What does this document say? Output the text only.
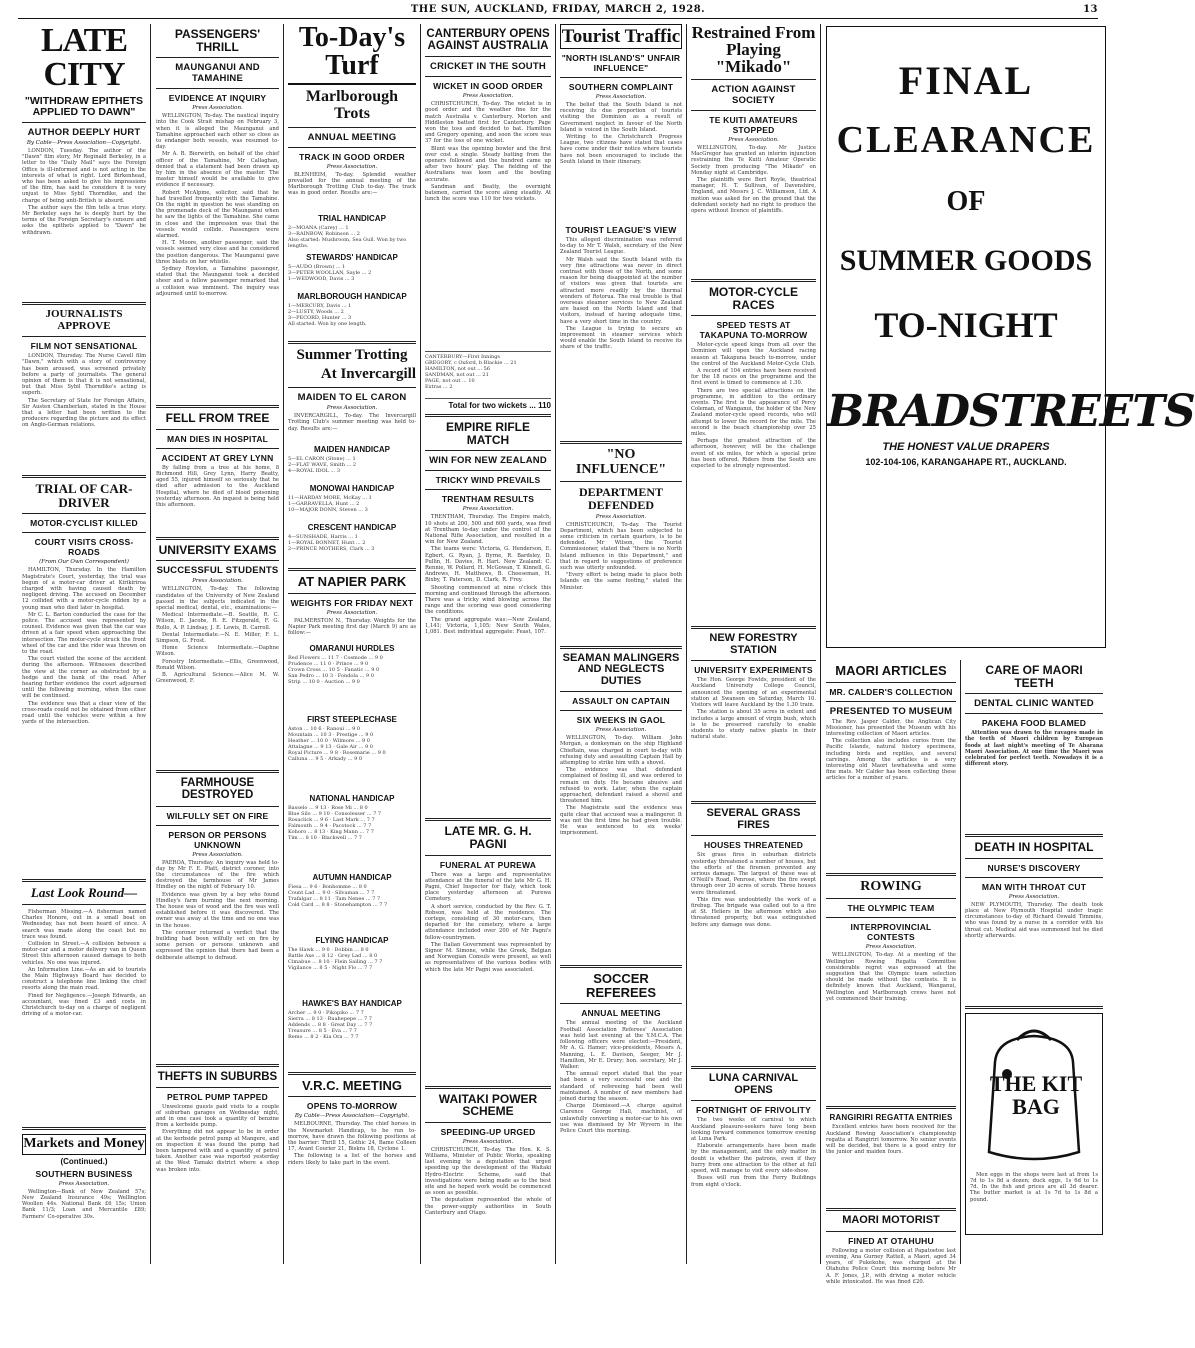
THE SUN, AUCKLAND, FRIDAY, MARCH 2, 1928.	13
LATE CITY
"WITHDRAW EPITHETS APPLIED TO DAWN"
AUTHOR DEEPLY HURT
By Cable—Press Association—Copyright.

LONDON, Tuesday. The author of the "Dawn" film story, Mr Reginald Berkeley, in a letter to the "Daily Mail" says the Foreign Office is ill-informed and is not acting in the interests of what is right. Lord Birkenhead, who has been asked to give his impressions of the film, has said he considers it is very unjust to Miss Sybil Thorndike, and the charge of being anti-British is absurd.

The author says the film tells a true story. Mr Berkeley says he is deeply hurt by the terms of the Foreign Secretary's censure and asks the epithets applied to "Dawn" be withdrawn.

JOURNALISTS APPROVE
FILM NOT SENSATIONAL

LONDON, Thursday. The Nurse Cavell film "Dawn," which with a story of controversy has been aroused, was screened privately before a party of journalists. The general opinion of them is that it is not sensational, but that Miss Sybil Thorndike's acting is superb.

The Secretary of State for Foreign Affairs, Sir Austen Chamberlain, stated in the House that a letter had been written to the producers regarding the picture and its effect on Anglo-German relations.

TRIAL OF CAR-DRIVER
MOTOR-CYCLIST KILLED
COURT VISITS CROSS-ROADS
(From Our Own Correspondent)

HAMILTON, Thursday. In the Hamilton Magistrate's Court, yesterday, the trial was begun of a motor-car driver at Kirikiriroa charged with having caused death by negligent driving. The accused on December 12 collided with a motor-cycle ridden by a young man who died later in hospital.

Mr C. L. Barton conducted the case for the police. The accused was represented by counsel. Evidence was given that the car was driven at a fair speed when approaching the intersection. The motor-cycle struck the front wheel of the car and the rider was thrown on to the road.

The court visited the scene of the accident during the afternoon. Witnesses described the view at the corner as obstructed by a hedge and the bank of the road. After hearing further evidence the court adjourned until the following morning, when the case will be continued.

The evidence was that a clear view of the cross-roads could not be obtained from either road until the vehicles were within a few yards of the intersection.

Last Look Round—

Fisherman Missing.—A fisherman named Charles Honore, out in a small boat on Wednesday, has not been heard of since. A search was made along the coast but no trace was found.

Collision in Street.—A collision between a motor-car and a motor delivery van in Queen Street this afternoon caused damage to both vehicles. No one was injured.

An Information Line.—As an aid to tourists the Main Highways Board has decided to construct a telephone line linking the chief resorts along the main road.

Fined for Negligence.—Joseph Edwards, an accountant, was fined £3 and costs in Christchurch to-day on a charge of negligent driving of a motor-car.

Markets and Money
(Continued.)
SOUTHERN BUSINESS
Press Association.

Wellington—Bank of New Zealand 57s; New Zealand Insurance 49s; Wellington Woollen 44s. National Bank £6 15s; Union Bank 11/3; Loan and Mercantile £89; Farmers' Co-operative 30s.

PASSENGERS' THRILL
MAUNGANUI AND TAMAHINE
EVIDENCE AT INQUIRY
Press Association.

WELLINGTON, To-day. The nautical inquiry into the Cook Strait mishap on February 3, when it is alleged the Maunganui and Tamahine approached each other so close as to endanger both vessels, was resumed to-day.

Mr A. B. Bierwirth, on behalf of the chief officer of the Tamahine, Mr Callaghan, denied that a statement had been drawn up by him in the absence of the master. The master himself would be available to give evidence if necessary.

Robert McAlpine, solicitor, said that he had travelled frequently with the Tamahine. On the night in question he was standing on the promenade deck of the Maunganui when he saw the lights of the Tamahine. She came in close and the impression was that the vessels would collide. Passengers were alarmed.

H. T. Moore, another passenger, said the vessels seemed very close and he considered the position dangerous. The Maunganui gave three blasts on her whistle.

Sydney Royston, a Tamahine passenger, stated that the Maunganui took a decided sheer and a fellow passenger remarked that a collision was imminent. The inquiry was adjourned until to-morrow.

FELL FROM TREE
MAN DIES IN HOSPITAL
ACCIDENT AT GREY LYNN

By falling from a tree at his home, 8 Richmond Hill, Grey Lynn, Harry Beatty, aged 55, injured himself so seriously that he died after admission to the Auckland Hospital, where he died of blood poisoning yesterday afternoon. An inquest is being held this afternoon.

UNIVERSITY EXAMS
SUCCESSFUL STUDENTS
Press Association.

WELLINGTON, To-day. The following candidates of the University of New Zealand passed in the subjects indicated in the special medical, dental, etc., examinations:—

Medical Intermediate.—B. Seattle, R. C. Wilson, E. Jacobs, R. E. Fitzgerald, F. G. Rollo, A. P. Lindsay, J. E. Lewis, B. Carroll.

Dental Intermediate.—N. E. Miller, F. L. Simpson, G. Frost.

Home Science Intermediate.—Daphne Wilson.

Forestry Intermediate.—Ellis, Greenwood, Ronald Wilson.

B. Agricultural Science.—Alice M. W. Greenwood, F.

FARMHOUSE DESTROYED
WILFULLY SET ON FIRE
PERSON OR PERSONS UNKNOWN
Press Association.

PAEROA, Thursday. An inquiry was held to-day by Mr F. E. Platt, district coroner, into the circumstances of the fire which destroyed the farmhouse of Mr James Hindley on the night of February 10.

Evidence was given by a boy who found Hindley's farm burning the next morning. The house was of wood and the fire was well established before it was discovered. The owner was away at the time and no one was in the house.

The coroner returned a verdict that the building had been wilfully set on fire by some person or persons unknown and expressed the opinion that there had been a deliberate attempt to defraud.

THEFTS IN SUBURBS
PETROL PUMP TAPPED

Unwelcome guests paid visits to a couple of suburban garages on Wednesday night, and in one case took a quantity of benzine from a kerbside pump.

Everything did not appear to be in order at the kerbside petrol pump at Mangere, and on inspection it was found the pump had been tampered with and a quantity of petrol taken. Another case was reported yesterday at the West Tamaki district where a shop was broken into.

To-Day's Turf
Marlborough Trots
ANNUAL MEETING
TRACK IN GOOD ORDER
Press Association.

BLENHEIM, To-day. Splendid weather prevailed for the annual meeting of the Marlborough Trotting Club to-day. The track was in good order. Results are:—

TRIAL HANDICAP
2—MOANA (Carey) ... 1
3—RAINBOW, Robinson ... 2
Also started: Mushroom, Sea Gull. Won by two lengths.
STEWARDS' HANDICAP
5—AUDO (Brown) ... 1
3—PETER WOOLLAN, Sayle ... 2
1—WEDWOOD, Davis ... 3
MARLBOROUGH HANDICAP
1—MERCURY, Davis ... 1
2—LUSTY, Woods ... 2
3—PECORD, Hunter ... 3
All started. Won by one length.
Summer Trotting
At Invercargill
MAIDEN TO EL CARON
Press Association.

INVERCARGILL, To-day. The Invercargill Trotting Club's summer meeting was held to-day. Results are:—

MAIDEN HANDICAP
5—EL CARON (Stone) ... 1
2—FLAT WAVE, Smith ... 2
4—ROYAL IDOL ... 3
MONOWAI HANDICAP
11—HARDAY MORE, McKay ... 1
1—GARRAVELLA, Hunt ... 2
10—MAJOR DONN, Steven ... 3
CRESCENT HANDICAP
4—SUNSHADE, Harris ... 1
1—ROYAL BONNET, Hunt ... 2
2—PRINCE MOTHERS, Clark ... 3
AT NAPIER PARK
WEIGHTS FOR FRIDAY NEXT
Press Association.

PALMERSTON N., Thursday. Weights for the Napier Park meeting first day (March 9) are as follow:—

OMARANUI HURDLES
Red Flowers ... 11 7 · Cosmode ... 9 0
Prudence ... 11 0 · Prince ... 9 0
Crown Cross ... 10 5 · Fanatic ... 9 0
San Pedro ... 10 3 · Fondola ... 9 0
Strip ... 10 0 · Auction ... 9 0
FIRST STEEPLECHASE
Aston ... 10 6 · Ranoui ... 9 0
Mountain ... 10 3 · Prestige ... 9 0
Heather ... 10 0 · Wilmore ... 9 0
Attalagne ... 9 13 · Gale Air ... 9 0
Royal Picture ... 9 8 · Rosemarie ... 9 0
Calluna ... 9 5 · Arkady ... 9 0
NATIONAL HANDICAP
Basselo ... 9 13 · Rose Mi ... 8 0
Blue Silo ... 9 10 · Consolesser ... 7 7
Rosaclick ... 9 6 · Last Mark ... 7 7
Falmouth ... 9 4 · Pacotock ... 7 7
Kohoro ... 8 13 · King Mann ... 7 7
Tim ... 8 10 · Blackwell ... 7 7
AUTUMN HANDICAP
Fiesa ... 9 6 · Bonhomme ... 8 0
Count Lad ... 9 0 · Silvaman ... 7 7
Trafalgar ... 8 11 · Tam Nenee ... 7 7
Cold Card ... 8 8 · Stonehampton ... 7 7
FLYING HANDICAP
The Hawk ... 9 0 · Dobbin ... 8 0
Battle Axe ... 8 12 · Grey Lad ... 8 0
Cimabue ... 8 10 · Flein Sailing ... 7 7
Vigilance ... 8 5 · Night Flo ... 7 7
HAWKE'S BAY HANDICAP
Archer ... 9 0 · Pikopiko ... 7 7
Sierra ... 8 13 · Ruahepepe ... 7 7
Addends ... 8 8 · Great Day ... 7 7
Treasure ... 8 5 · Eva ... 7 7
Remo ... 8 2 · Kia Ora ... 7 7
V.R.C. MEETING
OPENS TO-MORROW
By Cable—Press Association—Copyright.

MELBOURNE, Thursday. The chief horses in the Newmarket Handicap, to be run to-morrow, have drawn the following positions at the barrier: Thrill 15, Gothic 24, Bame Colleen 17, Avant Courier 21, Biskra 18, Cyclone 1.

The following is a list of the horses and riders likely to take part in the event.

CANTERBURY OPENS AGAINST AUSTRALIA
CRICKET IN THE SOUTH
WICKET IN GOOD ORDER
Press Association.

CHRISTCHURCH, To-day. The wicket is in good order and the weather fine for the match Australia v. Canterbury. Morton and Hiddleston batted first for Canterbury. Page won the toss and decided to bat. Hamilton and Gregory opening, and soon the score was 37 for the loss of one wicket.

Blunt was the opening bowler and the first over cost a single. Steady batting from the openers followed and the hundred came up after two hours' play. The fielding of the Australians was keen and the bowling accurate.

Sandman and Beatty, the overnight batsmen, carried the score along steadily. At lunch the score was 110 for two wickets.

CANTERBURY—First Innings
GREGORY, c Oxford, b Blackie ... 21
HAMILTON, not out ... 56
SANDMAN, not out ... 21
PAGE, not out ... 10
Extras ... 2
Total for two wickets ... 110
EMPIRE RIFLE MATCH
WIN FOR NEW ZEALAND
TRICKY WIND PREVAILS
TRENTHAM RESULTS
Press Association.

TRENTHAM, Thursday. The Empire match, 10 shots at 200, 500 and 600 yards, was fired at Trentham to-day under the control of the National Rifle Association, and resulted in a win for New Zealand.

The teams were: Victoria, G. Henderson, E. Egbert, G. Ryan, J. Byrne, R. Bardsley, D. Pullin, H. Davies, R. Hart. New Zealand: C. Rennie, W. Pollard, H. McGowan, T. Kinnell, G. Andrews, H. Matthews, B. Cheeseman, H. Bixby, T. Paterson, D. Clark, R. Frey.

Shooting commenced at nine o'clock this morning and continued through the afternoon. There was a tricky wind blowing across the range and the scoring was good considering the conditions.

The grand aggregate was:—New Zealand, 1,141; Victoria, 1,105; New South Wales, 1,081. Best individual aggregate: Feast, 107.

LATE MR. G. H. PAGNI
FUNERAL AT PUREWA

There was a large and representative attendance at the funeral of the late Mr G. H. Pagni, Chief Inspector for Italy, which took place yesterday afternoon at Purewa Cemetery.

A short service, conducted by the Rev. G. T. Robson, was held at the residence. The cortege, consisting of 30 motor-cars, then departed for the cemetery, where a large attendance included over 200 of Mr Pagni's fellow-countrymen.

The Italian Government was represented by Signor M. Simone, while the Greek, Belgian and Norwegian Consuls were present, as well as representatives of the various bodies with which the late Mr Pagni was associated.

WAITAKI POWER SCHEME
SPEEDING-UP URGED
Press Association.

CHRISTCHURCH, To-day. The Hon. K. S. Williams, Minister of Public Works, speaking last evening to a deputation that urged speeding up the development of the Waitaki Hydro-Electric Scheme, said that investigations were being made as to the best site and he hoped work would be commenced as soon as possible.

The deputation represented the whole of the power-supply authorities in South Canterbury and Otago.

Tourist Traffic
"NORTH ISLAND'S" UNFAIR INFLUENCE"
SOUTHERN COMPLAINT
Press Association.

The belief that the South Island is not receiving its due proportion of tourists visiting the Dominion as a result of Government neglect in favour of the North Island is voiced in the South Island.

Writing to the Christchurch Progress League, two citizens have stated that cases have come under their notice where tourists have not been encouraged to include the South Island in their itinerary.

TOURIST LEAGUE'S VIEW

This alleged discrimination was referred to-day to Mr T. Walsh, secretary of the New Zealand Tourist League.

Mr Walsh said the South Island with its very fine attractions was never in direct contrast with those of the North, and some reason for being disappointed at the number of visitors was given that tourists are attracted more readily by the thermal wonders of Rotorua. The real trouble is that overseas steamer services to New Zealand are based on the North Island and that visitors, instead of having adequate time, have a very short time in the country.

The League is trying to secure an improvement in steamer services which would enable the South Island to receive its share of the traffic.

"NO INFLUENCE"
DEPARTMENT DEFENDED
Press Association.

CHRISTCHURCH, To-day. The Tourist Department, which has been subjected to some criticism in certain quarters, is to be defended. Mr Wilson, the Tourist Commissioner, stated that "there is no North Island influence in this Department," and that in regard to suggestions of preference such was utterly unfounded.

"Every effort is being made to place both Islands on the same footing," stated the Minister.

SEAMAN MALINGERS AND NEGLECTS DUTIES
ASSAULT ON CAPTAIN
SIX WEEKS IN GAOL
Press Association.

WELLINGTON, To-day. William John Morgan, a donkeyman on the ship Highland Chieftain, was charged in court to-day with refusing duty and assaulting Captain Hall by attempting to strike him with a shovel.

The evidence was that defendant complained of feeling ill, and was ordered to remain on duty. He became abusive and refused to work. Later, when the captain approached, defendant raised a shovel and threatened him.

The Magistrate said the evidence was quite clear that accused was a malingerer. It was not the first time he had given trouble. He was sentenced to six weeks' imprisonment.

SOCCER REFEREES
ANNUAL MEETING

The annual meeting of the Auckland Football Association Referees' Association was held last evening at the Y.M.C.A. The following officers were elected:—President, Mr A. G. Hamer; vice-presidents, Messrs A. Manning, L. E. Davison, Seeger, Mr J. Hamilton, Mr E. Drury; hon. secretary, Mr J. Walker.

The annual report stated that the year had been a very successful one and the standard of refereeing had been well maintained. A number of new members had joined during the season.

Charge Dismissed.—A charge against Clarence George Hall, machinist, of unlawfully converting a motor-car to his own use was dismissed by Mr Wyvern in the Police Court this morning.

Restrained From Playing "Mikado"
ACTION AGAINST SOCIETY
TE KUITI AMATEURS STOPPED
Press Association.

WELLINGTON, To-day. Mr Justice MacGregor has granted an interim injunction restraining the Te Kuiti Amateur Operatic Society from producing "The Mikado" on Monday night at Cambridge.

The plaintiffs were Bert Royle, theatrical manager, H. T. Sullivan, of Davenshire, England, and Messrs J. C. Williamson, Ltd. A motion was asked for on the ground that the defendant society had no right to produce the opera without licence of plaintiffs.

MOTOR-CYCLE RACES
SPEED TESTS AT TAKAPUNA TO-MORROW

Motor-cycle speed kings from all over the Dominion will open the Auckland racing season at Takapuna beach to-morrow, under the control of the Auckland Motor-Cycle Club.

A record of 104 entries have been received for the 18 races on the programme and the first event is timed to commence at 1.30.

There are two special attractions on the programme, in addition to the ordinary events. The first is the appearance of Percy Coleman, of Wanganui, the holder of the New Zealand motor-cycle speed records, who will attempt to lower the record for the mile. The second is the beach championship over 25 miles.

Perhaps the greatest attraction of the afternoon, however, will be the challenge event of six miles, for which a special prize has been offered. Riders from the South are expected to be strongly represented.

NEW FORESTRY STATION
UNIVERSITY EXPERIMENTS

The Hon. George Fowlds, president of the Auckland University College Council, announced the opening of an experimental station at Swanson on Saturday, March 10. Visitors will leave Auckland by the 1.30 train.

The station is about 35 acres in extent and includes a large amount of virgin bush, which is to be preserved carefully to enable students to study native plants in their natural state.

SEVERAL GRASS FIRES
HOUSES THREATENED

Six grass fires in suburban districts yesterday threatened a number of houses, but the efforts of the firemen prevented any serious damage. The largest of these was at O'Neill's Road, Penrose, where the fire swept through over 20 acres of scrub. Three houses were threatened.

This fire was undoubtedly the work of a firebug. The brigade was called out to a fire at St. Heliers in the afternoon which also threatened property, but was extinguished before any damage was done.

LUNA CARNIVAL OPENS
FORTNIGHT OF FRIVOLITY

The two weeks of carnival to which Auckland pleasure-seekers have long been looking forward commence tomorrow evening at Luna Park.

Elaborate arrangements have been made by the management, and the only matter in doubt is whether the patrons, even if they hurry from one attraction to the other at full speed, will manage to visit every side-show.

Buses will run from the Ferry Buildings from eight o'clock.

FINAL
CLEARANCE
OF
SUMMER GOODS
TO-NIGHT
BRADSTREETS
THE HONEST VALUE DRAPERS
102-104-106, KARANGAHAPE RT., AUCKLAND.
MAORI ARTICLES
MR. CALDER'S COLLECTION
PRESENTED TO MUSEUM

The Rev. Jasper Calder, the Anglican City Missioner, has presented the Museum with his interesting collection of Maori articles.

The collection also includes curios from the Pacific Islands, natural history specimens, including birds and reptiles, and several carvings. Among the articles is a very interesting old Maori tewhatewha and some fine mats. Mr Calder has been collecting these articles for a number of years.

ROWING
THE OLYMPIC TEAM
INTERPROVINCIAL CONTESTS
Press Association.

WELLINGTON, To-day. At a meeting of the Wellington Rowing Regatta Committee considerable regret was expressed at the suggestion that the Olympic team selection should be made without the contests. It is definitely known that Auckland, Wanganui, Wellington and Marlborough crews have not yet commenced their training.

RANGIRIRI REGATTA ENTRIES

Excellent entries have been received for the Auckland Rowing Association's championship regatta at Rangiriri tomorrow. No senior events will be decided, but there is a good entry for the junior and maiden fours.

MAORI MOTORIST
FINED AT OTAHUHU

Following a motor collision at Papatoetoe last evening, Ana Gurney Rattell, a Maori, aged 34 years, of Pukekohe, was charged at the Otahuhu Police Court this morning before Mr A. F. Jones, J.P., with driving a motor vehicle while intoxicated. He was fined £20.

CARE OF MAORI TEETH
DENTAL CLINIC WANTED
PAKEHA FOOD BLAMED

Attention was drawn to the ravages made in the teeth of Maori children by European foods at last night's meeting of Te Aharana Maori Association. At one time the Maori was celebrated for perfect teeth. Nowadays it is a different story.

DEATH IN HOSPITAL
NURSE'S DISCOVERY
MAN WITH THROAT CUT
Press Association.

NEW PLYMOUTH, Thursday. The death took place at New Plymouth Hospital under tragic circumstances to-day of Richard Oswald Timmins, who was found by a nurse in a corridor with his throat cut. Medical aid was summoned but he died shortly afterwards.

THE KIT BAG

Men eggs in the shops were last at from 1s 7d to 1s 8d a dozen; duck eggs, 1s 6d to 1s 7d. In the fish and prices are all 3d dearer. The butter market is at 1s 7d to 1s 8d a pound.
